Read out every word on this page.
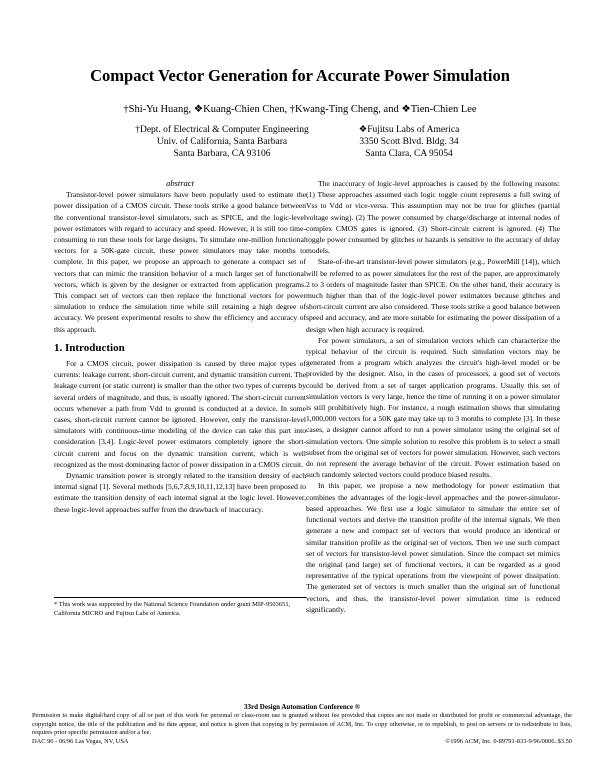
Compact Vector Generation for Accurate Power Simulation
†Shi-Yu Huang, ❖Kuang-Chien Chen, †Kwang-Ting Cheng, and ❖Tien-Chien Lee
†Dept. of Electrical & Computer Engineering
Univ. of California, Santa Barbara
Santa Barbara, CA 93106
❖Fujitsu Labs of America
3350 Scott Blvd. Bldg. 34
Santa Clara, CA 95054

abstract

Transistor-level power simulators have been popularly used to estimate the power dissipation of a CMOS circuit. These tools strike a good balance between the conventional transistor-level simulators, such as SPICE, and the logic-level power estimators with regard to accuracy and speed. However, it is still too time-consuming to run these tools for large designs. To simulate one-million functional vectors for a 50K-gate circuit, these power simulators may take months to complete. In this paper, we propose an approach to generate a compact set of vectors that can mimic the transition behavior of a much larger set of functional vectors, which is given by the designer or extracted from application programs. This compact set of vectors can then replace the functional vectors for power simulation to reduce the simulation time while still retaining a high degree of accuracy. We present experimental results to show the efficiency and accuracy of this approach.

1. Introduction

For a CMOS circuit, power dissipation is caused by three major types of currents: leakage current, short-circuit current, and dynamic transition current. The leakage current (or static current) is smaller than the other two types of currents by several orders of magnitude, and thus, is usually ignored. The short-circuit current occurs whenever a path from Vdd to ground is conducted at a device. In some cases, short-circuit current cannot be ignored. However, only the transistor-level simulators with continuous-time modeling of the device can take this part into consideration [3,4]. Logic-level power estimators completely ignore the short-circuit current and focus on the dynamic transition current, which is well recognized as the most dominating factor of power dissipation in a CMOS circuit.

Dynamic transition power is strongly related to the transition density of each internal signal [1]. Several methods [5,6,7,8,9,10,11,12,13] have been proposed to estimate the transition density of each internal signal at the logic level. However, these logic-level approaches suffer from the drawback of inaccuracy.

* This work was supported by the National Science Foundation under grant MIP-9503651, California MICRO and Fujitsu Labs of America.

The inaccuracy of logic-level approaches is caused by the following reasons: (1) These approaches assumed each logic toggle count represents a full swing of Vss to Vdd or vice-versa. This assumption may not be true for glitches (partial voltage swing). (2) The power consumed by charge/discharge at internal nodes of complex CMOS gates is ignored. (3) Short-circuit current is ignored. (4) The toggle power consumed by glitches or hazards is sensitive to the accuracy of delay models.

State-of-the-art transistor-level power simulators (e.g., PowerMill [14]), which will be referred to as power simulators for the rest of the paper, are approximately 2 to 3 orders of magnitude faster than SPICE. On the other hand, their accuracy is much higher than that of the logic-level power estimators because glitches and short-circuit current are also considered. These tools strike a good balance between speed and accuracy, and are more suitable for estimating the power dissipation of a design when high accuracy is required.

For power simulators, a set of simulation vectors which can characterize the typical behavior of the circuit is required. Such simulation vectors may be generated from a program which analyzes the circuit's high-level model or be provided by the designer. Also, in the cases of processors, a good set of vectors could be derived from a set of target application programs. Usually this set of simulation vectors is very large, hence the time of running it on a power simulator is still prohibitively high. For instance, a rough estimation shows that simulating 1,000,000 vectors for a 50K gate may take up to 3 months to complete [3]. In these cases, a designer cannot afford to run a power simulator using the original set of simulation vectors. One simple solution to resolve this problem is to select a small subset from the original set of vectors for power simulation. However, such vectors do not represent the average behavior of the circuit. Power estimation based on such randomly selected vectors could produce biased results.

In this paper, we propose a new methodology for power estimation that combines the advantages of the logic-level approaches and the power-simulator-based approaches. We first use a logic simulator to simulate the entire set of functional vectors and derive the transition profile of the internal signals. We then generate a new and compact set of vectors that would produce an identical or similar transition profile as the original set of vectors. Then we use such compact set of vectors for transistor-level power simulation. Since the compact set mimics the original (and large) set of functional vectors, it can be regarded as a good representative of the typical operations from the viewpoint of power dissipation. The generated set of vectors is much smaller than the original set of functional vectors, and thus, the transistor-level power simulation time is reduced significantly.

33rd Design Automation Conference ®
Permission to make digital/hard copy of all or part of this work for personal or class-room use is granted without fee provided that copies are not made or distributed for profit or commercial advantage, the copyright notice, the title of the publication and its date appear, and notice is given that copying is by permission of ACM, Inc. To copy otherwise, or to republish, to post on servers or to redistribute to lists, requires prior specific permission and/or a fee.
DAC 96 - 06/96 Las Vegas, NV, USA	©1996 ACM, Inc. 0-89791-833-9/96/0006..$3.50
